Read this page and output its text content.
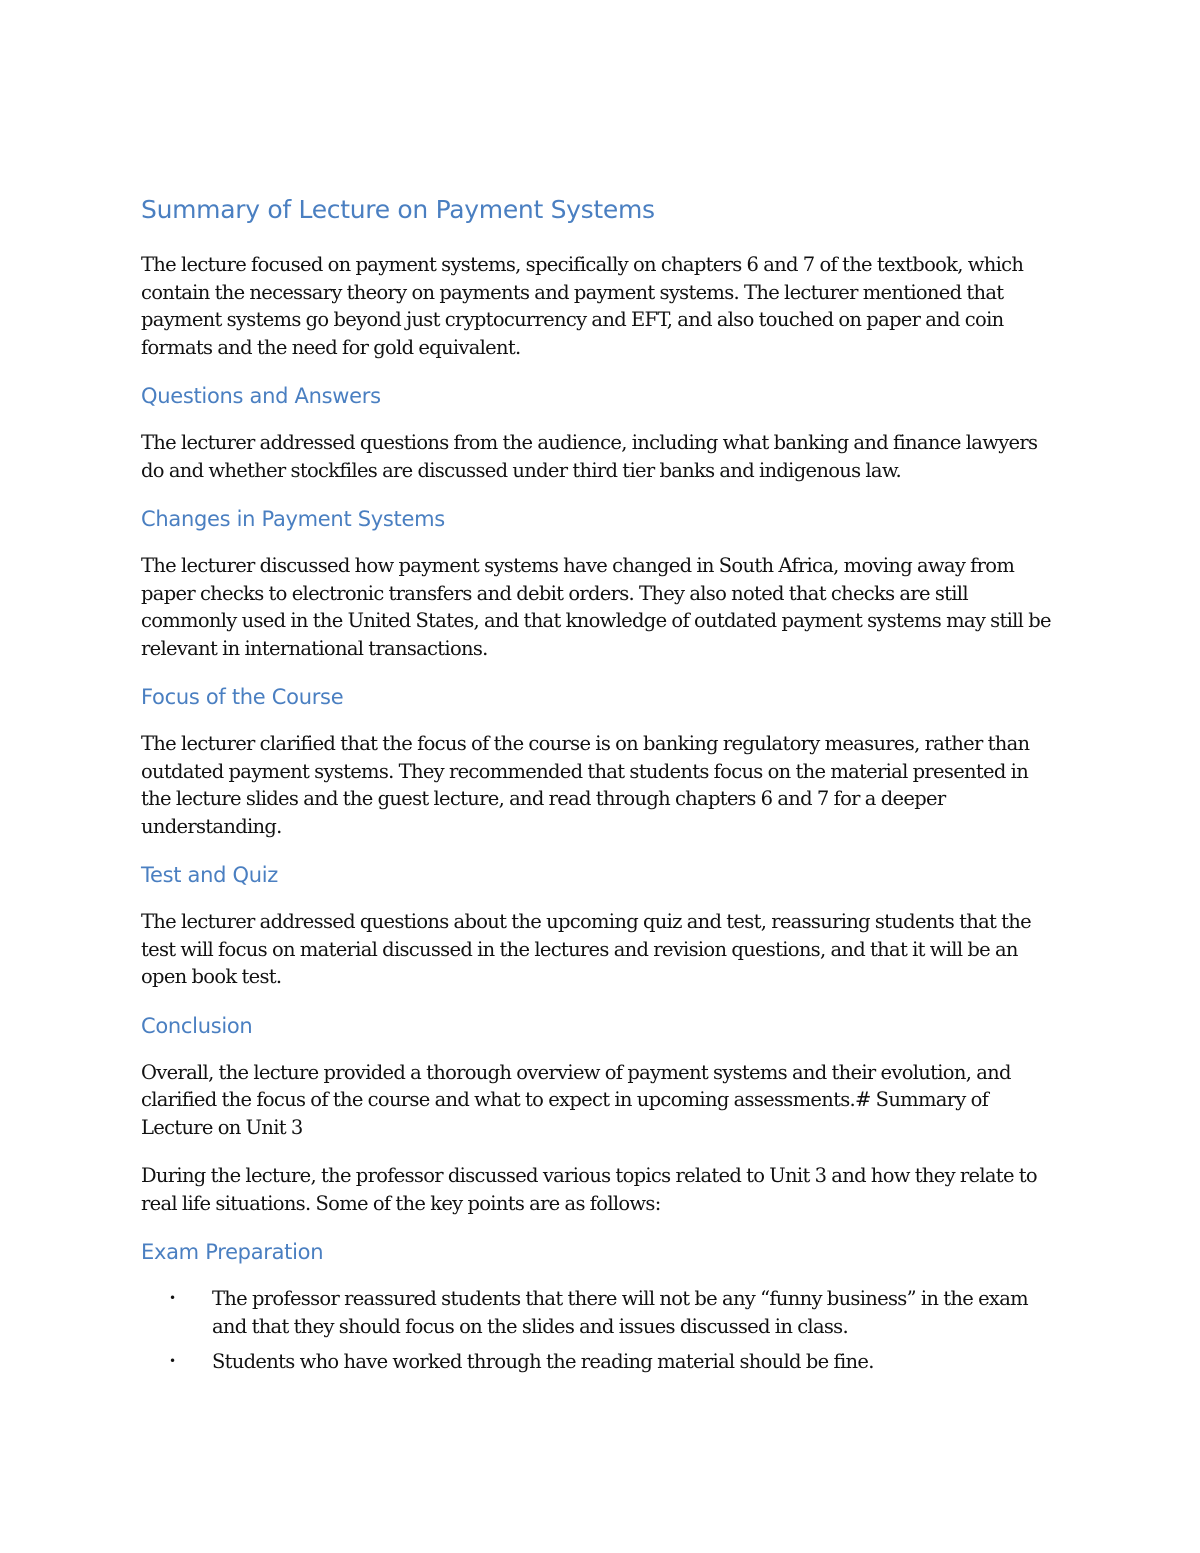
Summary of Lecture on Payment Systems

The lecture focused on payment systems, specifically on chapters 6 and 7 of the textbook, which contain the necessary theory on payments and payment systems. The lecturer mentioned that payment systems go beyond just cryptocurrency and EFT, and also touched on paper and coin formats and the need for gold equivalent.

Questions and Answers

The lecturer addressed questions from the audience, including what banking and finance lawyers do and whether stockfiles are discussed under third tier banks and indigenous law.

Changes in Payment Systems

The lecturer discussed how payment systems have changed in South Africa, moving away from paper checks to electronic transfers and debit orders. They also noted that checks are still commonly used in the United States, and that knowledge of outdated payment systems may still be relevant in international transactions.

Focus of the Course

The lecturer clarified that the focus of the course is on banking regulatory measures, rather than outdated payment systems. They recommended that students focus on the material presented in the lecture slides and the guest lecture, and read through chapters 6 and 7 for a deeper understanding.

Test and Quiz

The lecturer addressed questions about the upcoming quiz and test, reassuring students that the test will focus on material discussed in the lectures and revision questions, and that it will be an open book test.

Conclusion

Overall, the lecture provided a thorough overview of payment systems and their evolution, and clarified the focus of the course and what to expect in upcoming assessments.# Summary of Lecture on Unit 3

During the lecture, the professor discussed various topics related to Unit 3 and how they relate to real life situations. Some of the key points are as follows:

Exam Preparation
• The professor reassured students that there will not be any “funny business” in the exam and that they should focus on the slides and issues discussed in class.
• Students who have worked through the reading material should be fine.
